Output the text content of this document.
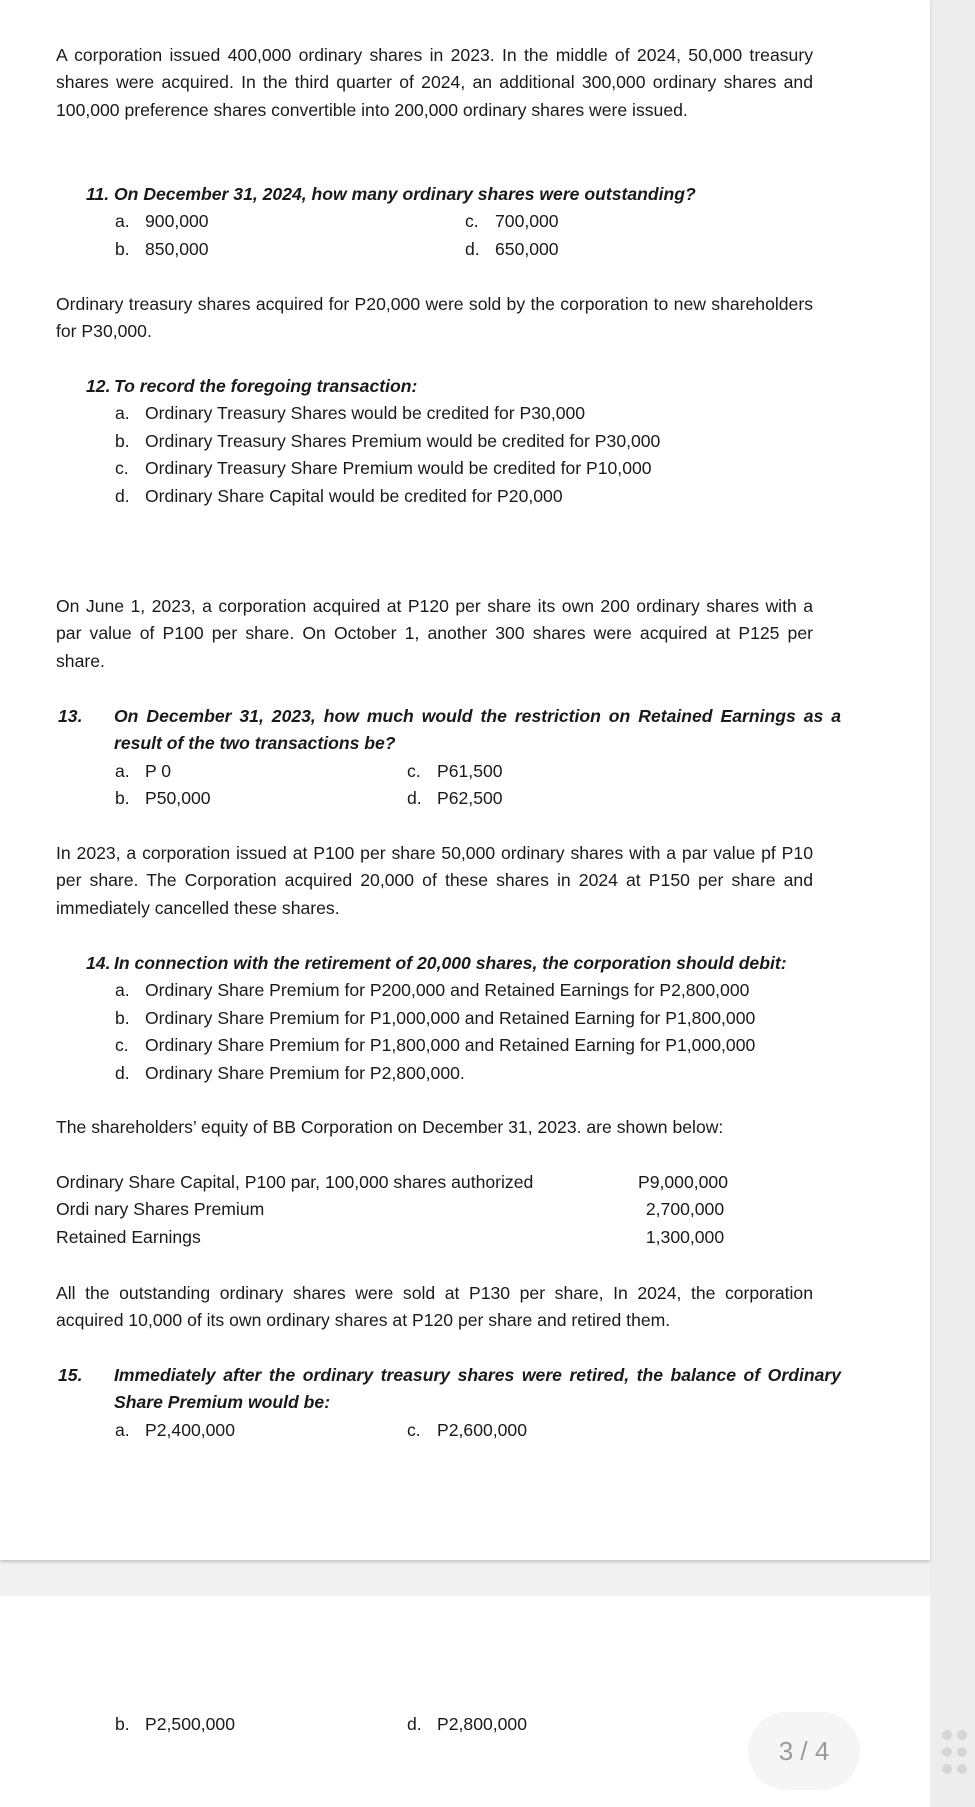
A corporation issued 400,000 ordinary shares in 2023. In the middle of 2024, 50,000 treasury shares were acquired. In the third quarter of 2024, an additional 300,000 ordinary shares and 100,000 preference shares convertible into 200,000 ordinary shares were issued.
11. On December 31, 2024, how many ordinary shares were outstanding?
a. 900,000	c. 700,000
b. 850,000	d. 650,000
Ordinary treasury shares acquired for P20,000 were sold by the corporation to new shareholders for P30,000.
12. To record the foregoing transaction:
a. Ordinary Treasury Shares would be credited for P30,000
b. Ordinary Treasury Shares Premium would be credited for P30,000
c. Ordinary Treasury Share Premium would be credited for P10,000
d. Ordinary Share Capital would be credited for P20,000
On June 1, 2023, a corporation acquired at P120 per share its own 200 ordinary shares with a par value of P100 per share. On October 1, another 300 shares were acquired at P125 per share.
13. On December 31, 2023, how much would the restriction on Retained Earnings as a result of the two transactions be?
a. P 0	c. P61,500
b. P50,000	d. P62,500
In 2023, a corporation issued at P100 per share 50,000 ordinary shares with a par value pf P10 per share. The Corporation acquired 20,000 of these shares in 2024 at P150 per share and immediately cancelled these shares.
14. In connection with the retirement of 20,000 shares, the corporation should debit:
a. Ordinary Share Premium for P200,000 and Retained Earnings for P2,800,000
b. Ordinary Share Premium for P1,000,000 and Retained Earning for P1,800,000
c. Ordinary Share Premium for P1,800,000 and Retained Earning for P1,000,000
d. Ordinary Share Premium for P2,800,000.
The shareholders’ equity of BB Corporation on December 31, 2023. are shown below:
Ordinary Share Capital, P100 par, 100,000 shares authorized	P9,000,000
Ordi nary Shares Premium	2,700,000
Retained Earnings	1,300,000
All the outstanding ordinary shares were sold at P130 per share, In 2024, the corporation acquired 10,000 of its own ordinary shares at P120 per share and retired them.
15. Immediately after the ordinary treasury shares were retired, the balance of Ordinary Share Premium would be:
a. P2,400,000	c. P2,600,000
b. P2,500,000	d. P2,800,000
3 / 4
